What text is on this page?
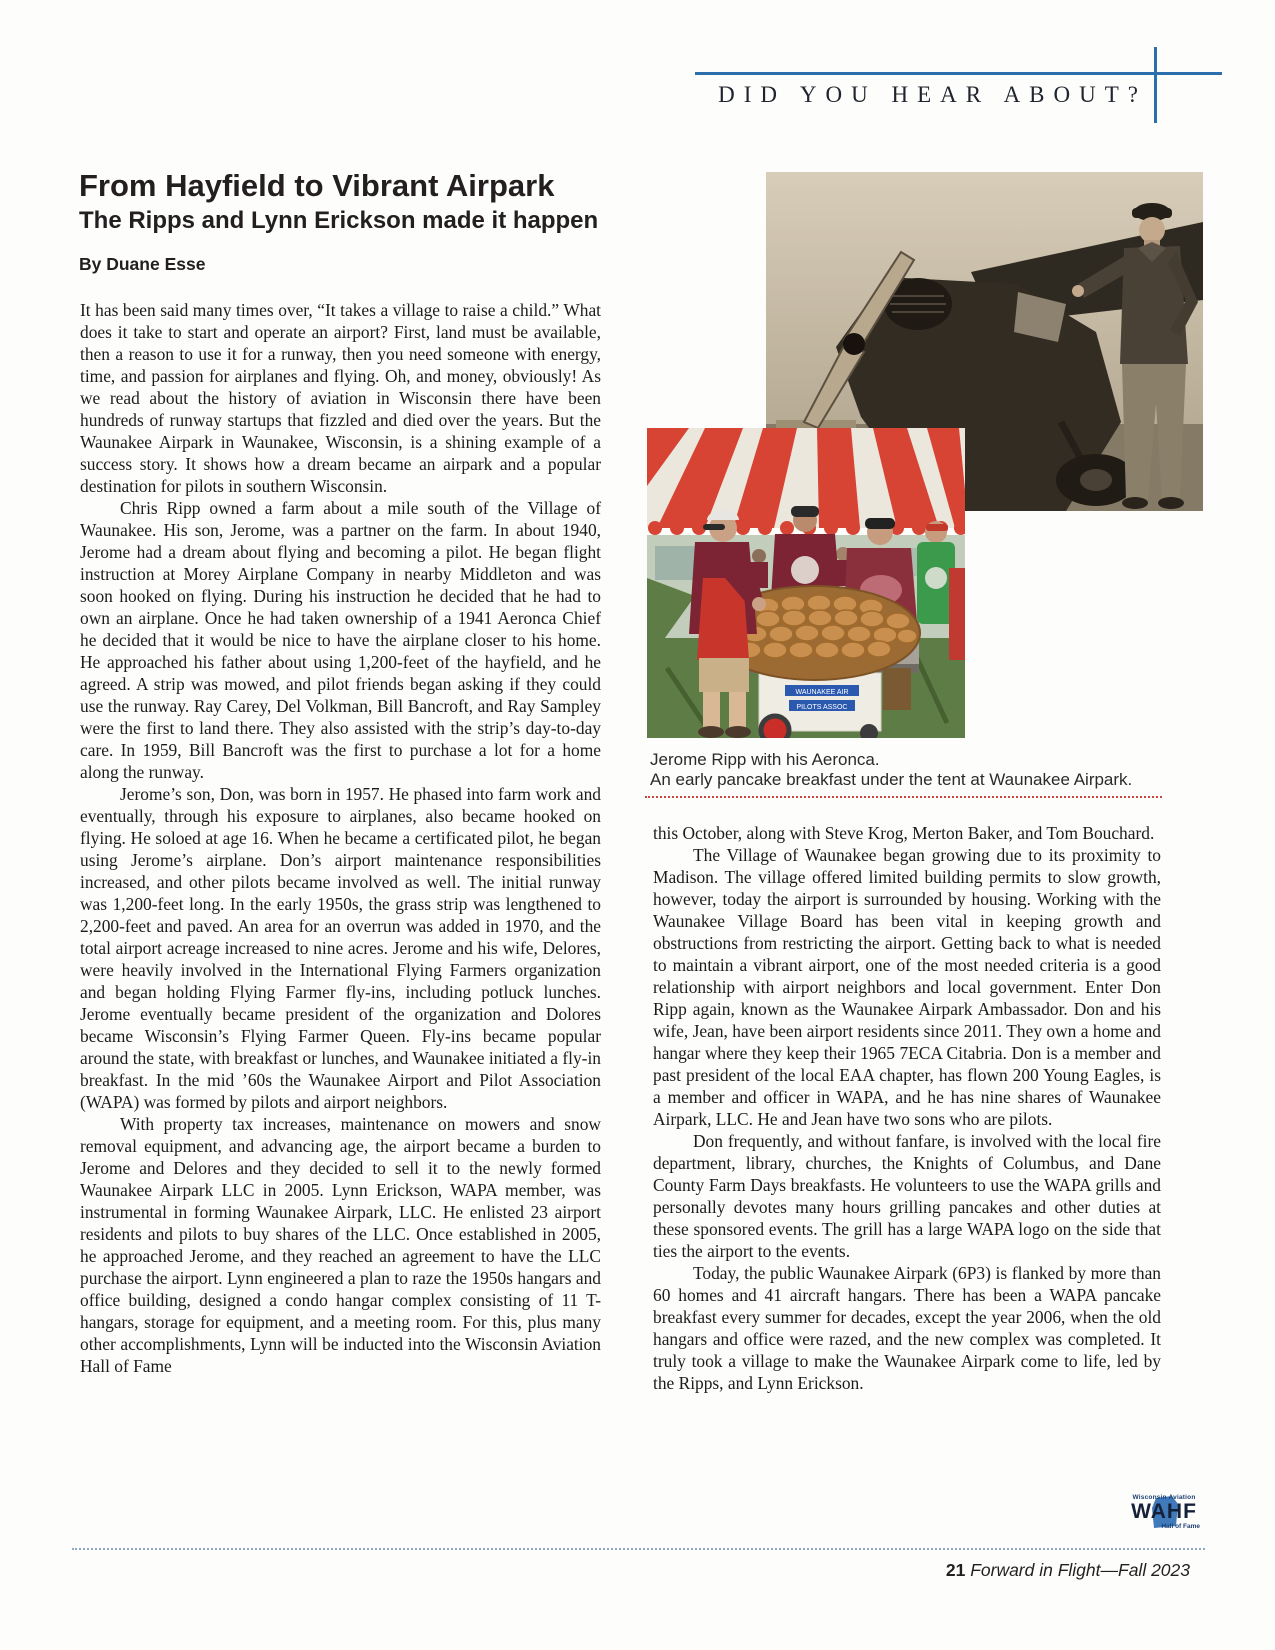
DID YOU HEAR ABOUT?
From Hayfield to Vibrant Airpark
The Ripps and Lynn Erickson made it happen
By Duane Esse

It has been said many times over, “It takes a village to raise a child.” What does it take to start and operate an airport? First, land must be available, then a reason to use it for a runway, then you need someone with energy, time, and passion for airplanes and flying. Oh, and money, obviously! As we read about the history of aviation in Wisconsin there have been hundreds of runway startups that fizzled and died over the years. But the Waunakee Airpark in Waunakee, Wisconsin, is a shining example of a success story. It shows how a dream became an airpark and a popular destination for pilots in southern Wisconsin.

Chris Ripp owned a farm about a mile south of the Village of Waunakee. His son, Jerome, was a partner on the farm. In about 1940, Jerome had a dream about flying and becoming a pilot. He began flight instruction at Morey Airplane Company in nearby Middleton and was soon hooked on flying. During his instruction he decided that he had to own an airplane. Once he had taken ownership of a 1941 Aeronca Chief he decided that it would be nice to have the airplane closer to his home. He approached his father about using 1,200-feet of the hayfield, and he agreed. A strip was mowed, and pilot friends began asking if they could use the runway. Ray Carey, Del Volkman, Bill Bancroft, and Ray Sampley were the first to land there. They also assisted with the strip’s day-to-day care. In 1959, Bill Bancroft was the first to purchase a lot for a home along the runway.

Jerome’s son, Don, was born in 1957. He phased into farm work and eventually, through his exposure to airplanes, also became hooked on flying. He soloed at age 16. When he became a certificated pilot, he began using Jerome’s airplane. Don’s airport maintenance responsibilities increased, and other pilots became involved as well. The initial runway was 1,200-feet long. In the early 1950s, the grass strip was lengthened to 2,200-feet and paved. An area for an overrun was added in 1970, and the total airport acreage increased to nine acres. Jerome and his wife, Delores, were heavily involved in the International Flying Farmers organization and began holding Flying Farmer fly-ins, including potluck lunches. Jerome eventually became president of the organization and Dolores became Wisconsin’s Flying Farmer Queen. Fly-ins became popular around the state, with breakfast or lunches, and Waunakee initiated a fly-in breakfast. In the mid ’60s the Waunakee Airport and Pilot Association (WAPA) was formed by pilots and airport neighbors.

With property tax increases, maintenance on mowers and snow removal equipment, and advancing age, the airport became a burden to Jerome and Delores and they decided to sell it to the newly formed Waunakee Airpark LLC in 2005. Lynn Erickson, WAPA member, was instrumental in forming Waunakee Airpark, LLC. He enlisted 23 airport residents and pilots to buy shares of the LLC. Once established in 2005, he approached Jerome, and they reached an agreement to have the LLC purchase the airport. Lynn engineered a plan to raze the 1950s hangars and office building, designed a condo hangar complex consisting of 11 T-hangars, storage for equipment, and a meeting room. For this, plus many other accomplishments, Lynn will be inducted into the Wisconsin Aviation Hall of Fame

this October, along with Steve Krog, Merton Baker, and Tom Bouchard.

The Village of Waunakee began growing due to its proximity to Madison. The village offered limited building permits to slow growth, however, today the airport is surrounded by housing. Working with the Waunakee Village Board has been vital in keeping growth and obstructions from restricting the airport. Getting back to what is needed to maintain a vibrant airport, one of the most needed criteria is a good relationship with airport neighbors and local government. Enter Don Ripp again, known as the Waunakee Airpark Ambassador. Don and his wife, Jean, have been airport residents since 2011. They own a home and hangar where they keep their 1965 7ECA Citabria. Don is a member and past president of the local EAA chapter, has flown 200 Young Eagles, is a member and officer in WAPA, and he has nine shares of Waunakee Airpark, LLC. He and Jean have two sons who are pilots.

Don frequently, and without fanfare, is involved with the local fire department, library, churches, the Knights of Columbus, and Dane County Farm Days breakfasts. He volunteers to use the WAPA grills and personally devotes many hours grilling pancakes and other duties at these sponsored events. The grill has a large WAPA logo on the side that ties the airport to the events.

Today, the public Waunakee Airpark (6P3) is flanked by more than 60 homes and 41 aircraft hangars. There has been a WAPA pancake breakfast every summer for decades, except the year 2006, when the old hangars and office were razed, and the new complex was completed. It truly took a village to make the Waunakee Airpark come to life, led by the Ripps, and Lynn Erickson.

WAUNAKEE AIR
PILOTS ASSOC
Jerome Ripp with his Aeronca.
An early pancake breakfast under the tent at Waunakee Airpark.
Wisconsin Aviation
WAHF
Hall of Fame
21 Forward in Flight—Fall 2023
